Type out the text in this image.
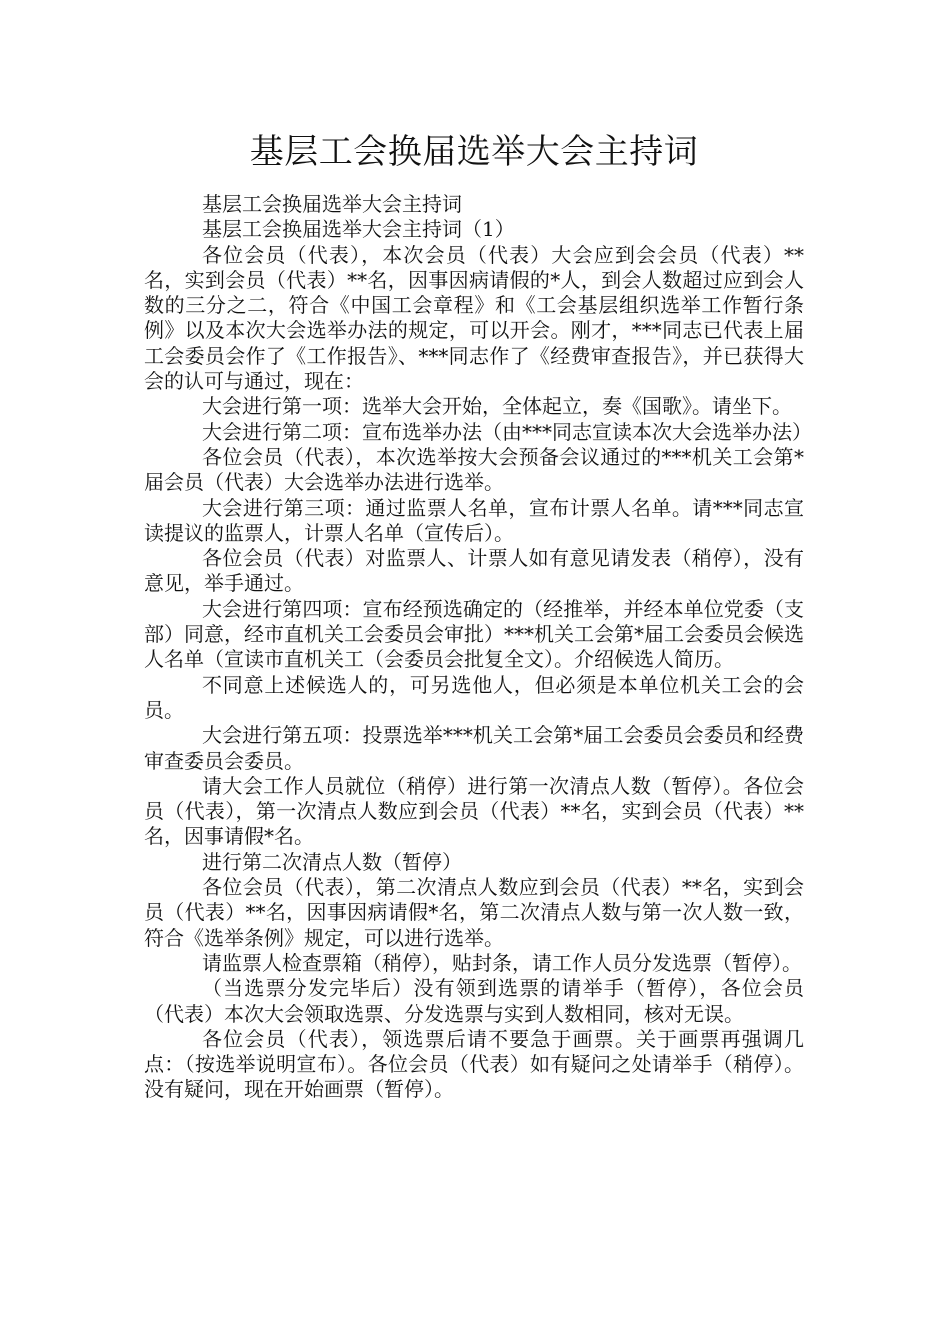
基层工会换届选举大会主持词

基层工会换届选举大会主持词

基层工会换届选举大会主持词（1）

各位会员（代表），本次会员（代表）大会应到会会员（代表）**名，实到会员（代表）**名，因事因病请假的*人，到会人数超过应到会人数的三分之二，符合《中国工会章程》和《工会基层组织选举工作暂行条例》以及本次大会选举办法的规定，可以开会。刚才，***同志已代表上届工会委员会作了《工作报告》、***同志作了《经费审查报告》，并已获得大会的认可与通过，现在：

大会进行第一项：选举大会开始，全体起立，奏《国歌》。请坐下。

大会进行第二项：宣布选举办法（由***同志宣读本次大会选举办法）

各位会员（代表），本次选举按大会预备会议通过的***机关工会第*届会员（代表）大会选举办法进行选举。

大会进行第三项：通过监票人名单，宣布计票人名单。请***同志宣读提议的监票人，计票人名单（宣传后）。

各位会员（代表）对监票人、计票人如有意见请发表（稍停），没有意见，举手通过。

大会进行第四项：宣布经预选确定的（经推举，并经本单位党委（支部）同意，经市直机关工会委员会审批）***机关工会第*届工会委员会候选人名单（宣读市直机关工（会委员会批复全文）。介绍候选人简历。

不同意上述候选人的，可另选他人，但必须是本单位机关工会的会员。

大会进行第五项：投票选举***机关工会第*届工会委员会委员和经费审查委员会委员。

请大会工作人员就位（稍停）进行第一次清点人数（暂停）。各位会员（代表），第一次清点人数应到会员（代表）**名，实到会员（代表）**名，因事请假*名。

进行第二次清点人数（暂停）

各位会员（代表），第二次清点人数应到会员（代表）**名，实到会员（代表）**名，因事因病请假*名，第二次清点人数与第一次人数一致，符合《选举条例》规定，可以进行选举。

请监票人检查票箱（稍停），贴封条，请工作人员分发选票（暂停）。

（当选票分发完毕后）没有领到选票的请举手（暂停），各位会员（代表）本次大会领取选票、分发选票与实到人数相同，核对无误。

各位会员（代表），领选票后请不要急于画票。关于画票再强调几点：（按选举说明宣布）。各位会员（代表）如有疑问之处请举手（稍停）。没有疑问，现在开始画票（暂停）。
